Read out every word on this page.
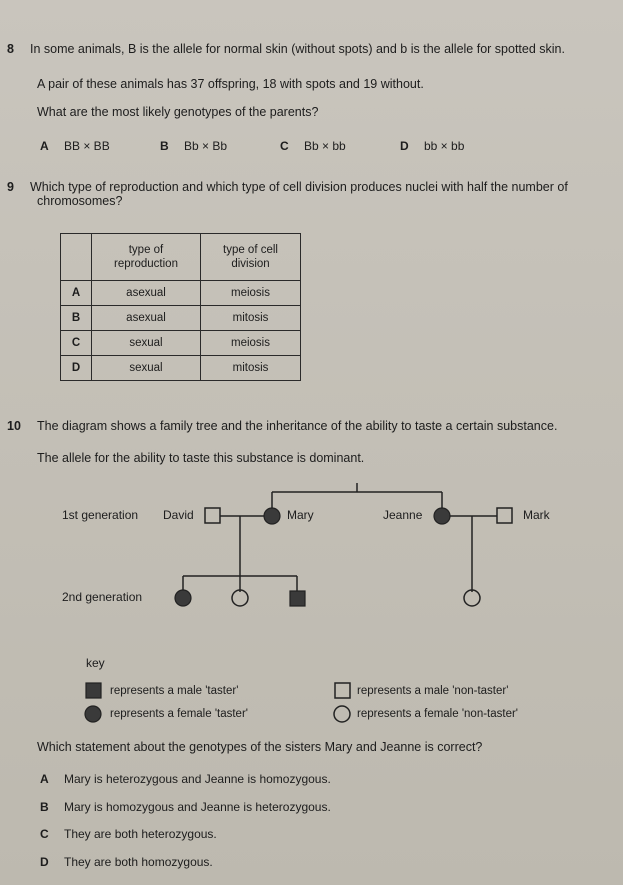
8 In some animals, B is the allele for normal skin (without spots) and b is the allele for spotted skin.
A pair of these animals has 37 offspring, 18 with spots and 19 without.
What are the most likely genotypes of the parents?
A BB × BB	B Bb × Bb	C Bb × bb	D bb × bb
9 Which type of reproduction and which type of cell division produces nuclei with half the number of
chromosomes?
	type of reproduction	type of cell division
A	asexual	meiosis
B	asexual	mitosis
C	sexual	meiosis
D	sexual	mitosis
10 The diagram shows a family tree and the inheritance of the ability to taste a certain substance.
The allele for the ability to taste this substance is dominant.
1st generation David	Mary	Jeanne	Mark
2nd generation
key
represents a male 'taster'
represents a female 'taster'
represents a male 'non-taster'
represents a female 'non-taster'
Which statement about the genotypes of the sisters Mary and Jeanne is correct?
A Mary is heterozygous and Jeanne is homozygous.
B Mary is homozygous and Jeanne is heterozygous.
C They are both heterozygous.
D They are both homozygous.
